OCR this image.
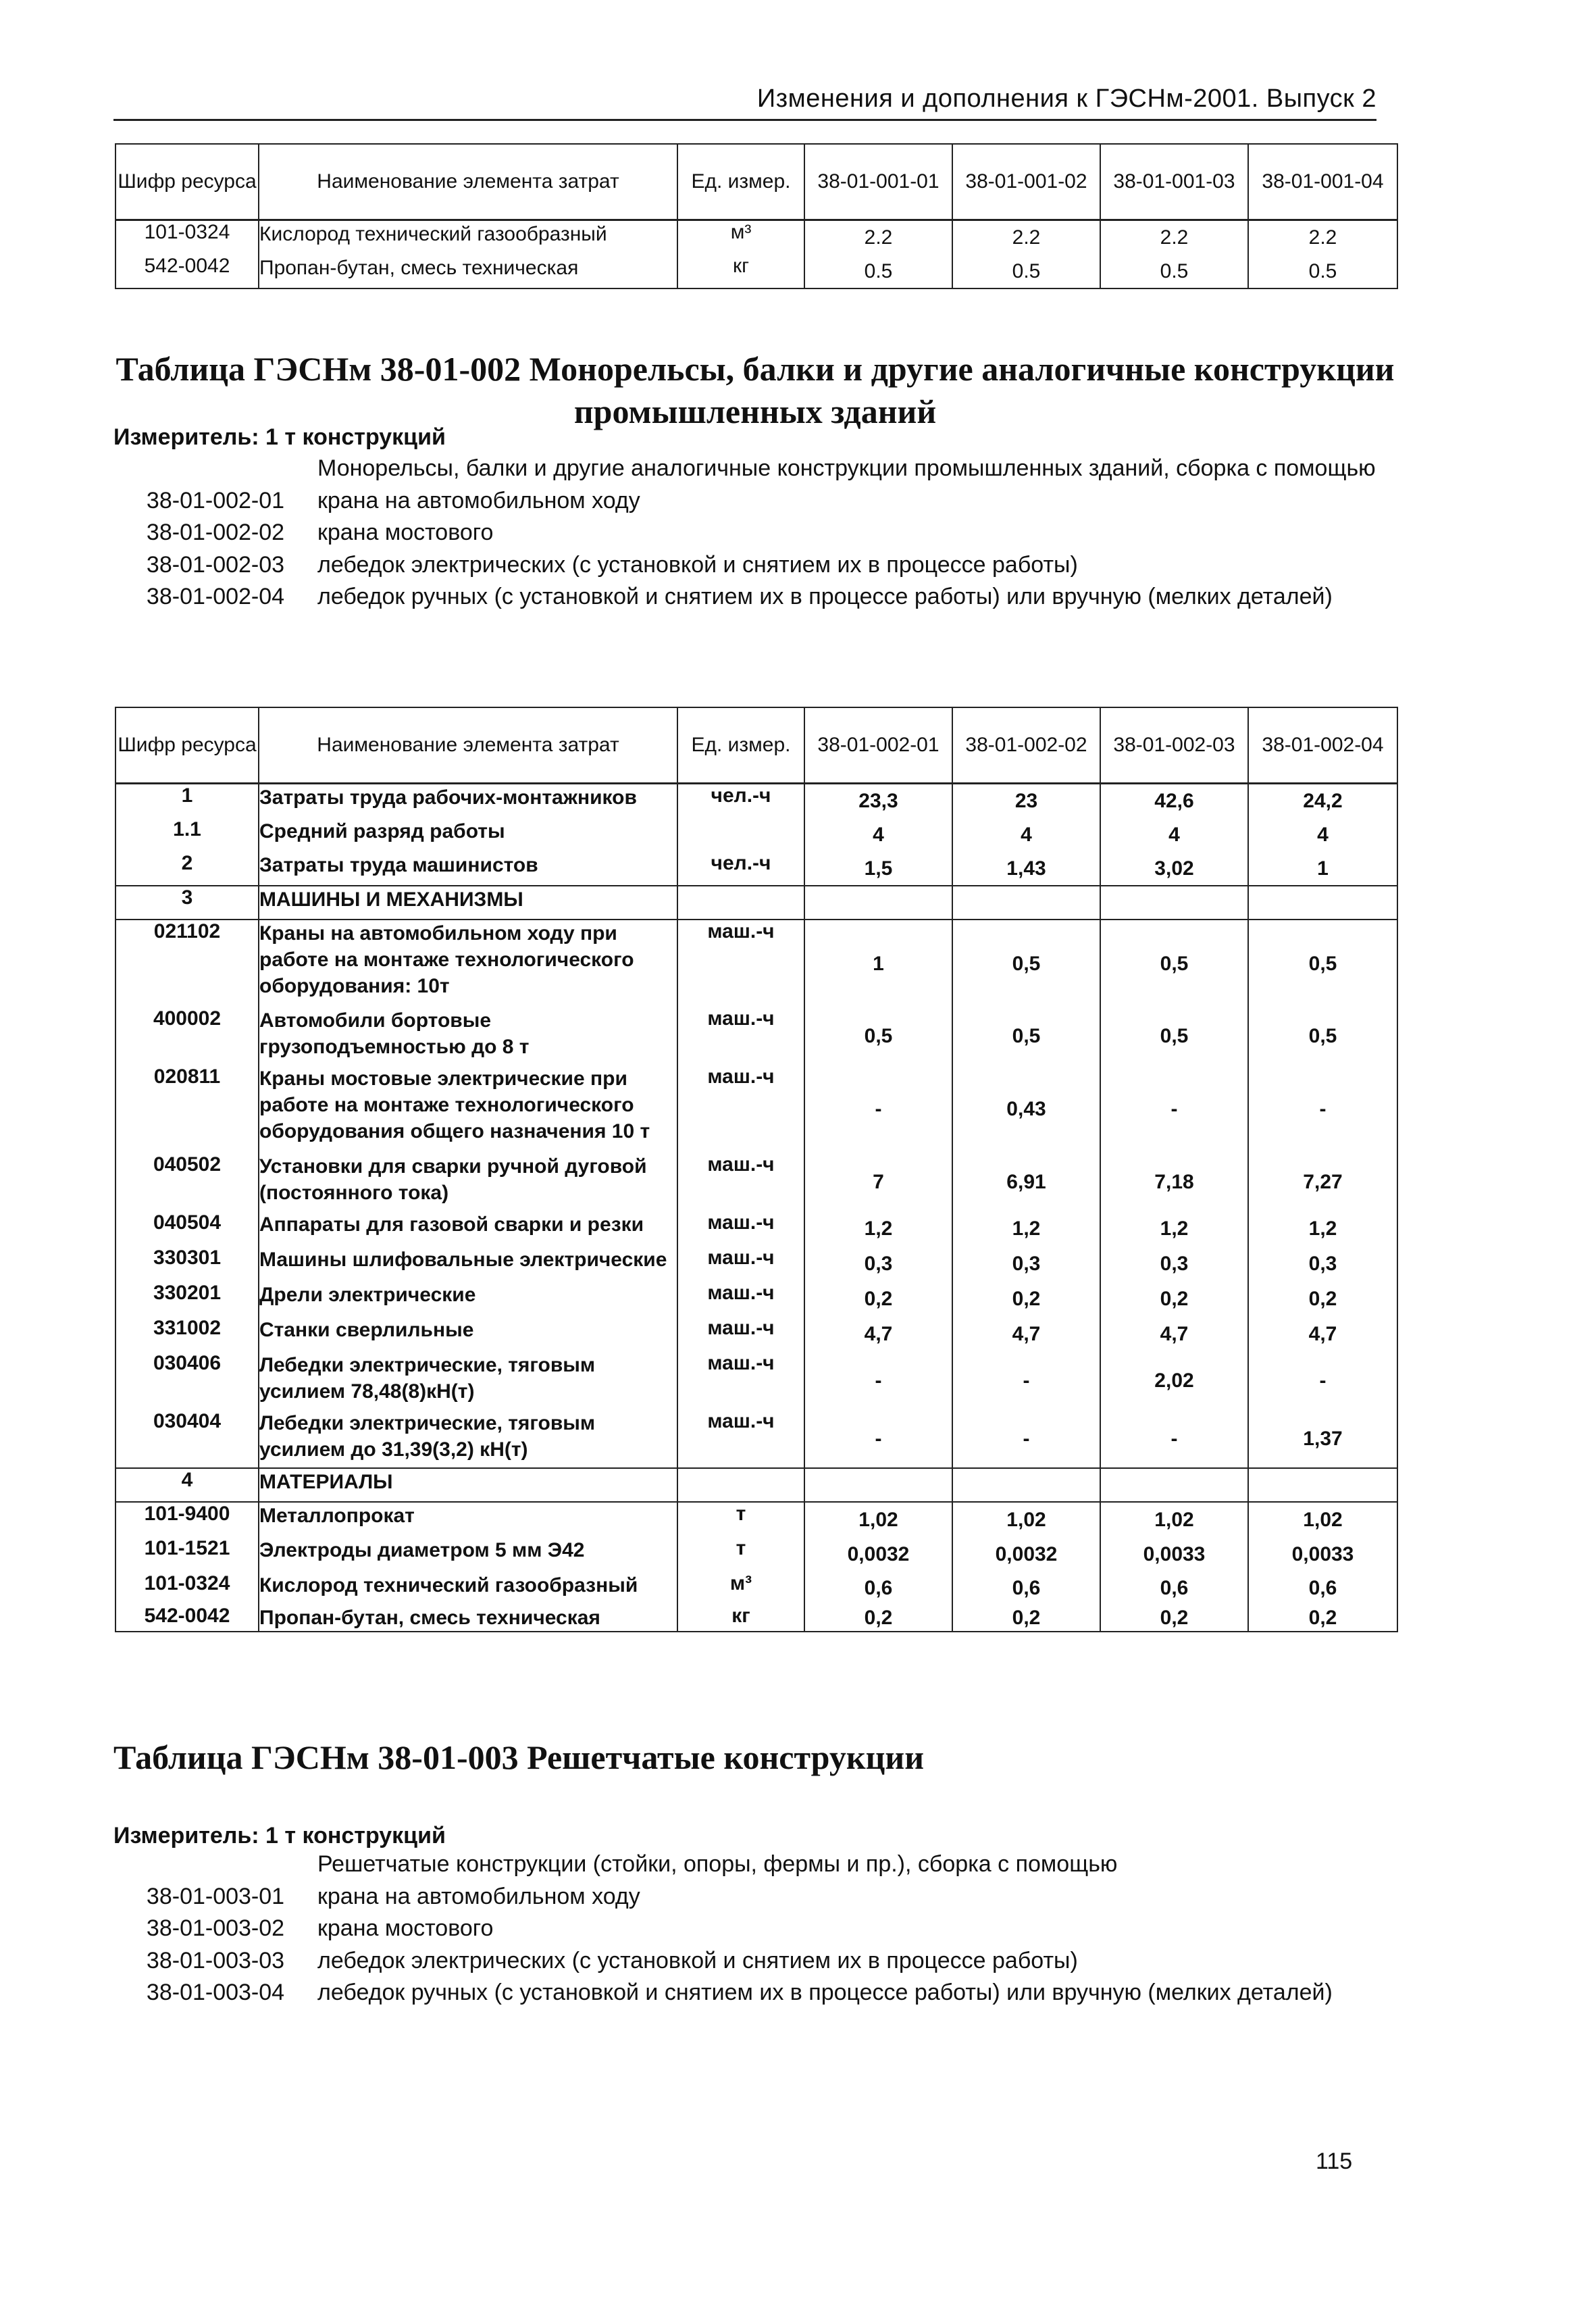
Изменения и дополнения к ГЭСНм-2001. Выпуск 2
Шифр ресурса	Наименование элемента затрат	Ед. измер.	38-01-001-01	38-01-001-02	38-01-001-03	38-01-001-04
101-0324	Кислород технический газообразный	м³	2.2	2.2	2.2	2.2
542-0042	Пропан-бутан, смесь техническая	кг	0.5	0.5	0.5	0.5
Таблица ГЭСНм 38-01-002 Монорельсы, балки и другие аналогичные конструкции промышленных зданий
Измеритель: 1 т конструкций
Монорельсы, балки и другие аналогичные конструкции промышленных зданий, сборка с помощью
38-01-002-01	крана на автомобильном ходу
38-01-002-02	крана мостового
38-01-002-03	лебедок электрических (с установкой и снятием их в процессе работы)
38-01-002-04	лебедок ручных (с установкой и снятием их в процессе работы) или вручную (мелких деталей)
Шифр ресурса	Наименование элемента затрат	Ед. измер.	38-01-002-01	38-01-002-02	38-01-002-03	38-01-002-04
1	Затраты труда рабочих-монтажников	чел.-ч	23,3	23	42,6	24,2
1.1	Средний разряд работы		4	4	4	4
2	Затраты труда машинистов	чел.-ч	1,5	1,43	3,02	1
3	МАШИНЫ И МЕХАНИЗМЫ					
021102	Краны на автомобильном ходу при работе на монтаже технологического оборудования: 10т	маш.-ч	1	0,5	0,5	0,5
400002	Автомобили бортовые грузоподъемностью до 8 т	маш.-ч	0,5	0,5	0,5	0,5
020811	Краны мостовые электрические при работе на монтаже технологического оборудования общего назначения 10 т	маш.-ч	-	0,43	-	-
040502	Установки для сварки ручной дуговой (постоянного тока)	маш.-ч	7	6,91	7,18	7,27
040504	Аппараты для газовой сварки и резки	маш.-ч	1,2	1,2	1,2	1,2
330301	Машины шлифовальные электрические	маш.-ч	0,3	0,3	0,3	0,3
330201	Дрели электрические	маш.-ч	0,2	0,2	0,2	0,2
331002	Станки сверлильные	маш.-ч	4,7	4,7	4,7	4,7
030406	Лебедки электрические, тяговым усилием 78,48(8)кН(т)	маш.-ч	-	-	2,02	-
030404	Лебедки электрические, тяговым усилием до 31,39(3,2) кН(т)	маш.-ч	-	-	-	1,37
4	МАТЕРИАЛЫ					
101-9400	Металлопрокат	т	1,02	1,02	1,02	1,02
101-1521	Электроды диаметром 5 мм Э42	т	0,0032	0,0032	0,0033	0,0033
101-0324	Кислород технический газообразный	м³	0,6	0,6	0,6	0,6
542-0042	Пропан-бутан, смесь техническая	кг	0,2	0,2	0,2	0,2
Таблица ГЭСНм 38-01-003 Решетчатые конструкции
Измеритель: 1 т конструкций
Решетчатые конструкции (стойки, опоры, фермы и пр.), сборка с помощью
38-01-003-01	крана на автомобильном ходу
38-01-003-02	крана мостового
38-01-003-03	лебедок электрических (с установкой и снятием их в процессе работы)
38-01-003-04	лебедок ручных (с установкой и снятием их в процессе работы) или вручную (мелких деталей)
115
